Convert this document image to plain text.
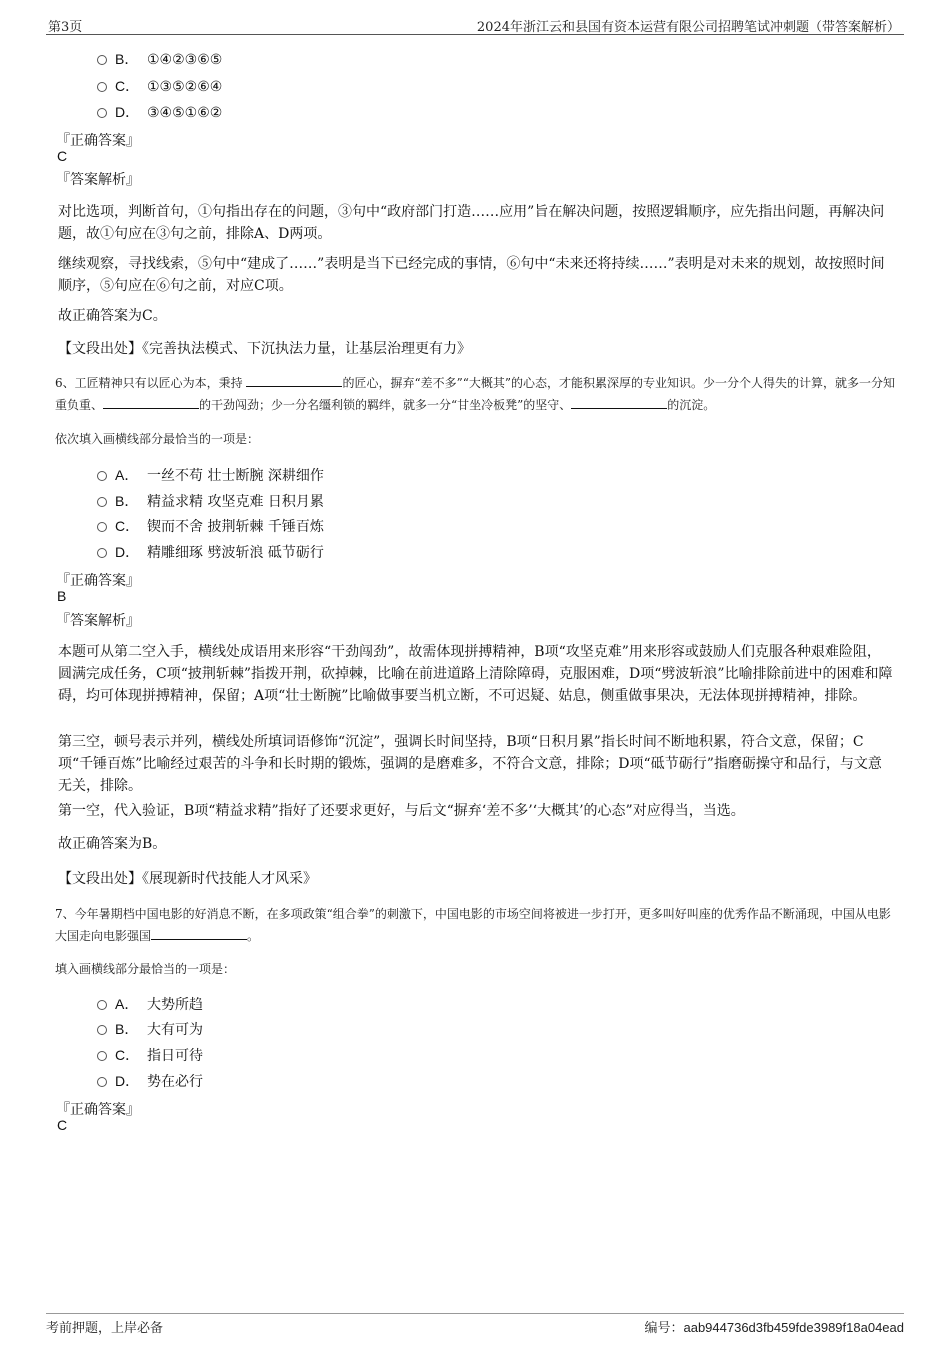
第3页	2024年浙江云和县国有资本运营有限公司招聘笔试冲刺题（带答案解析）
B． ①④②③⑥⑤
C． ①③⑤②⑥④
D． ③④⑤①⑥②
『正确答案』
C
『答案解析』
对比选项，判断首句，①句指出存在的问题，③句中“政府部门打造……应用”旨在解决问题，按照逻辑顺序，应先指出问题，再解决问题，故①句应在③句之前，排除A、D两项。
继续观察，寻找线索，⑤句中“建成了……”表明是当下已经完成的事情，⑥句中“未来还将持续……”表明是对未来的规划，故按照时间顺序，⑤句应在⑥句之前，对应C项。
故正确答案为C。
【文段出处】《完善执法模式、下沉执法力量，让基层治理更有力》
6、工匠精神只有以匠心为本，秉持	的匠心，摒弃“差不多”“大概其”的心态，才能积累深厚的专业知识。少一分个人得失的计算，就多一分知重负重、	的干劲闯劲；少一分名缰利锁的羁绊，就多一分“甘坐冷板凳”的坚守、	的沉淀。
依次填入画横线部分最恰当的一项是：
A． 一丝不苟 壮士断腕 深耕细作
B． 精益求精 攻坚克难 日积月累
C． 锲而不舍 披荆斩棘 千锤百炼
D． 精雕细琢 劈波斩浪 砥节砺行
『正确答案』
B
『答案解析』
本题可从第二空入手，横线处成语用来形容“干劲闯劲”，故需体现拼搏精神，B项“攻坚克难”用来形容或鼓励人们克服各种艰难险阻，圆满完成任务，C项“披荆斩棘”指拨开荆，砍掉棘，比喻在前进道路上清除障碍，克服困难，D项“劈波斩浪”比喻排除前进中的困难和障碍，均可体现拼搏精神，保留；A项“壮士断腕”比喻做事要当机立断，不可迟疑、姑息，侧重做事果决，无法体现拼搏精神，排除。
第三空，顿号表示并列，横线处所填词语修饰“沉淀”，强调长时间坚持，B项“日积月累”指长时间不断地积累，符合文意，保留；C项“千锤百炼”比喻经过艰苦的斗争和长时期的锻炼，强调的是磨难多，不符合文意，排除；D项“砥节砺行”指磨砺操守和品行，与文意无关，排除。
第一空，代入验证，B项“精益求精”指好了还要求更好，与后文“摒弃‘差不多’‘大概其’的心态”对应得当，当选。
故正确答案为B。
【文段出处】《展现新时代技能人才风采》
7、今年暑期档中国电影的好消息不断，在多项政策“组合拳”的刺激下，中国电影的市场空间将被进一步打开，更多叫好叫座的优秀作品不断涌现，中国从电影大国走向电影强国	。
填入画横线部分最恰当的一项是：
A． 大势所趋
B． 大有可为
C． 指日可待
D． 势在必行
『正确答案』
C
考前押题，上岸必备	编号：aab944736d3fb459fde3989f18a04ead
